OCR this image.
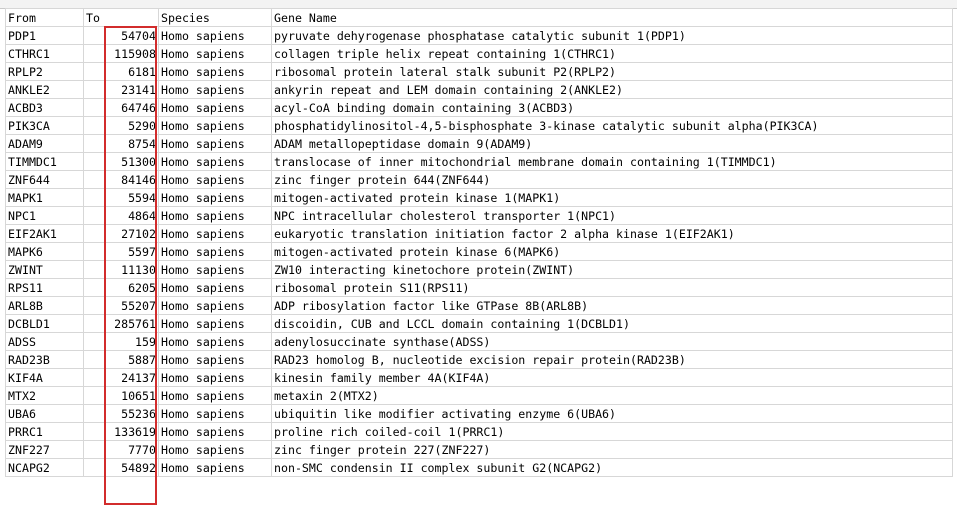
From	To	Species	Gene Name
PDP1	54704	Homo sapiens	pyruvate dehyrogenase phosphatase catalytic subunit 1(PDP1)
CTHRC1	115908	Homo sapiens	collagen triple helix repeat containing 1(CTHRC1)
RPLP2	6181	Homo sapiens	ribosomal protein lateral stalk subunit P2(RPLP2)
ANKLE2	23141	Homo sapiens	ankyrin repeat and LEM domain containing 2(ANKLE2)
ACBD3	64746	Homo sapiens	acyl-CoA binding domain containing 3(ACBD3)
PIK3CA	5290	Homo sapiens	phosphatidylinositol-4,5-bisphosphate 3-kinase catalytic subunit alpha(PIK3CA)
ADAM9	8754	Homo sapiens	ADAM metallopeptidase domain 9(ADAM9)
TIMMDC1	51300	Homo sapiens	translocase of inner mitochondrial membrane domain containing 1(TIMMDC1)
ZNF644	84146	Homo sapiens	zinc finger protein 644(ZNF644)
MAPK1	5594	Homo sapiens	mitogen-activated protein kinase 1(MAPK1)
NPC1	4864	Homo sapiens	NPC intracellular cholesterol transporter 1(NPC1)
EIF2AK1	27102	Homo sapiens	eukaryotic translation initiation factor 2 alpha kinase 1(EIF2AK1)
MAPK6	5597	Homo sapiens	mitogen-activated protein kinase 6(MAPK6)
ZWINT	11130	Homo sapiens	ZW10 interacting kinetochore protein(ZWINT)
RPS11	6205	Homo sapiens	ribosomal protein S11(RPS11)
ARL8B	55207	Homo sapiens	ADP ribosylation factor like GTPase 8B(ARL8B)
DCBLD1	285761	Homo sapiens	discoidin, CUB and LCCL domain containing 1(DCBLD1)
ADSS	159	Homo sapiens	adenylosuccinate synthase(ADSS)
RAD23B	5887	Homo sapiens	RAD23 homolog B, nucleotide excision repair protein(RAD23B)
KIF4A	24137	Homo sapiens	kinesin family member 4A(KIF4A)
MTX2	10651	Homo sapiens	metaxin 2(MTX2)
UBA6	55236	Homo sapiens	ubiquitin like modifier activating enzyme 6(UBA6)
PRRC1	133619	Homo sapiens	proline rich coiled-coil 1(PRRC1)
ZNF227	7770	Homo sapiens	zinc finger protein 227(ZNF227)
NCAPG2	54892	Homo sapiens	non-SMC condensin II complex subunit G2(NCAPG2)
